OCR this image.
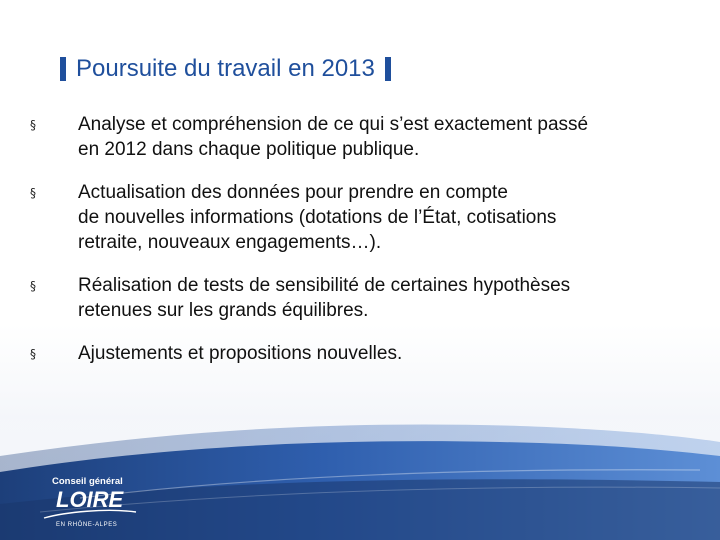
Poursuite du travail en 2013
§	Analyse et compréhension de ce qui s’est exactement passé
en 2012 dans chaque politique publique.
§	Actualisation des données pour prendre en compte
de nouvelles informations (dotations de l’État, cotisations
retraite, nouveaux engagements…).
§	Réalisation de tests de sensibilité de certaines hypothèses
retenues sur les grands équilibres.
§	Ajustements et propositions nouvelles.
Conseil général
LOIRE
EN RHÔNE-ALPES
